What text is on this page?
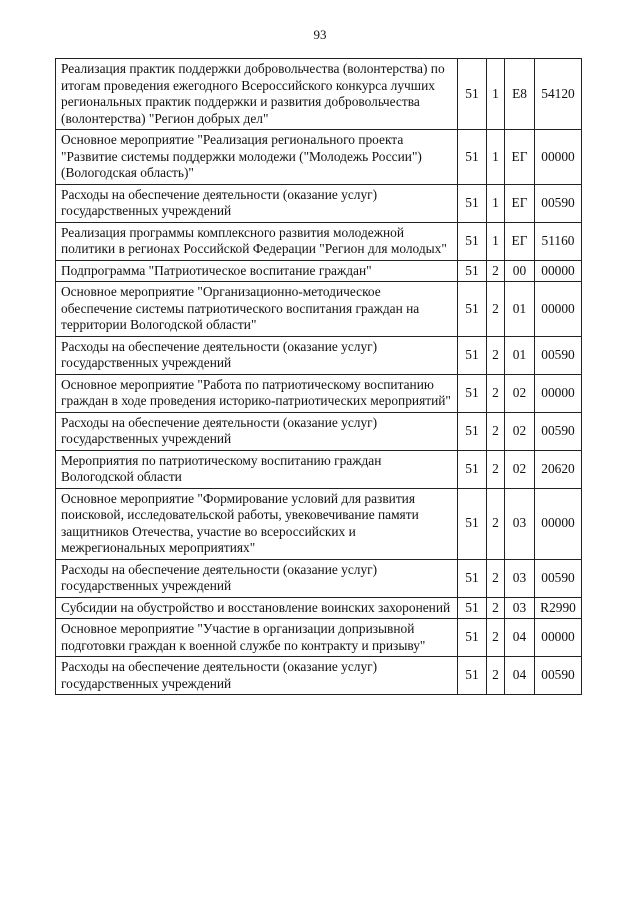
93
Реализация практик поддержки добровольчества (волонтерства) по итогам проведения ежегодного Всероссийского конкурса лучших региональных практик поддержки и развития добровольчества (волонтерства) "Регион добрых дел"	51	1	Е8	54120
Основное мероприятие "Реализация регионального проекта "Развитие системы поддержки молодежи ("Молодежь России") (Вологодская область)"	51	1	ЕГ	00000
Расходы на обеспечение деятельности (оказание услуг) государственных учреждений	51	1	ЕГ	00590
Реализация программы комплексного развития молодежной политики в регионах Российской Федерации "Регион для молодых"	51	1	ЕГ	51160
Подпрограмма "Патриотическое воспитание граждан"	51	2	00	00000
Основное мероприятие "Организационно-методическое обеспечение системы патриотического воспитания граждан на территории Вологодской области"	51	2	01	00000
Расходы на обеспечение деятельности (оказание услуг) государственных учреждений	51	2	01	00590
Основное мероприятие "Работа по патриотическому воспитанию граждан в ходе проведения историко-патриотических мероприятий"	51	2	02	00000
Расходы на обеспечение деятельности (оказание услуг) государственных учреждений	51	2	02	00590
Мероприятия по патриотическому воспитанию граждан Вологодской области	51	2	02	20620
Основное мероприятие "Формирование условий для развития поисковой, исследовательской работы, увековечивание памяти защитников Отечества, участие во всероссийских и межрегиональных мероприятиях"	51	2	03	00000
Расходы на обеспечение деятельности (оказание услуг) государственных учреждений	51	2	03	00590
Субсидии на обустройство и восстановление воинских захоронений	51	2	03	R2990
Основное мероприятие "Участие в организации допризывной подготовки граждан к военной службе по контракту и призыву"	51	2	04	00000
Расходы на обеспечение деятельности (оказание услуг) государственных учреждений	51	2	04	00590
